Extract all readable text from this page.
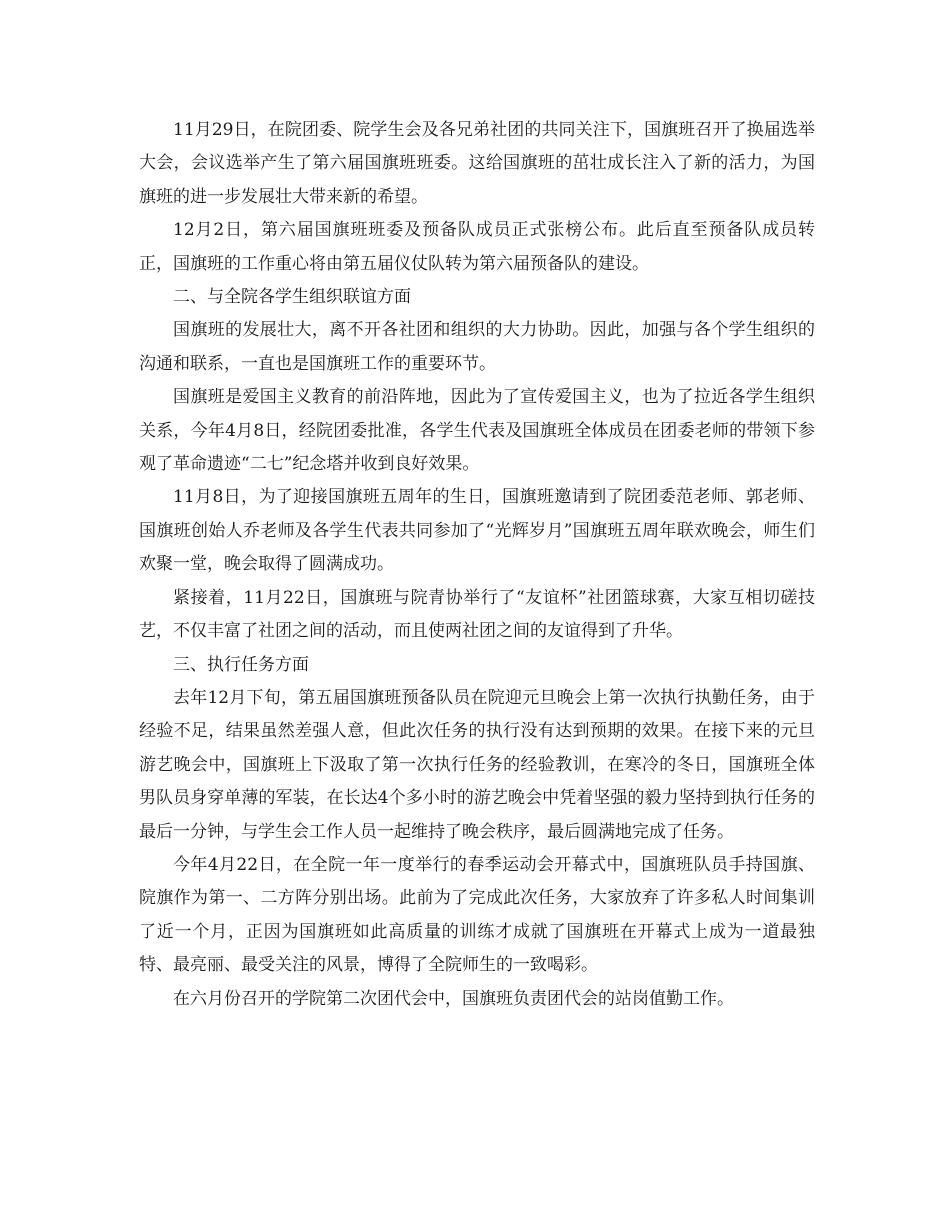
11月29日，在院团委、院学生会及各兄弟社团的共同关注下，国旗班召开了换届选举大会，会议选举产生了第六届国旗班班委。这给国旗班的茁壮成长注入了新的活力，为国旗班的进一步发展壮大带来新的希望。

12月2日，第六届国旗班班委及预备队成员正式张榜公布。此后直至预备队成员转正，国旗班的工作重心将由第五届仪仗队转为第六届预备队的建设。

二、与全院各学生组织联谊方面

国旗班的发展壮大，离不开各社团和组织的大力协助。因此，加强与各个学生组织的沟通和联系，一直也是国旗班工作的重要环节。

国旗班是爱国主义教育的前沿阵地，因此为了宣传爱国主义，也为了拉近各学生组织关系，今年4月8日，经院团委批准，各学生代表及国旗班全体成员在团委老师的带领下参观了革命遗迹“二七”纪念塔并收到良好效果。

11月8日，为了迎接国旗班五周年的生日，国旗班邀请到了院团委范老师、郭老师、国旗班创始人乔老师及各学生代表共同参加了“光辉岁月”国旗班五周年联欢晚会，师生们欢聚一堂，晚会取得了圆满成功。

紧接着，11月22日，国旗班与院青协举行了“友谊杯”社团篮球赛，大家互相切磋技艺，不仅丰富了社团之间的活动，而且使两社团之间的友谊得到了升华。

三、执行任务方面

去年12月下旬，第五届国旗班预备队员在院迎元旦晚会上第一次执行执勤任务，由于经验不足，结果虽然差强人意，但此次任务的执行没有达到预期的效果。在接下来的元旦游艺晚会中，国旗班上下汲取了第一次执行任务的经验教训，在寒冷的冬日，国旗班全体男队员身穿单薄的军装，在长达4个多小时的游艺晚会中凭着坚强的毅力坚持到执行任务的最后一分钟，与学生会工作人员一起维持了晚会秩序，最后圆满地完成了任务。

今年4月22日，在全院一年一度举行的春季运动会开幕式中，国旗班队员手持国旗、院旗作为第一、二方阵分别出场。此前为了完成此次任务，大家放弃了许多私人时间集训了近一个月，正因为国旗班如此高质量的训练才成就了国旗班在开幕式上成为一道最独特、最亮丽、最受关注的风景，博得了全院师生的一致喝彩。

在六月份召开的学院第二次团代会中，国旗班负责团代会的站岗值勤工作。
